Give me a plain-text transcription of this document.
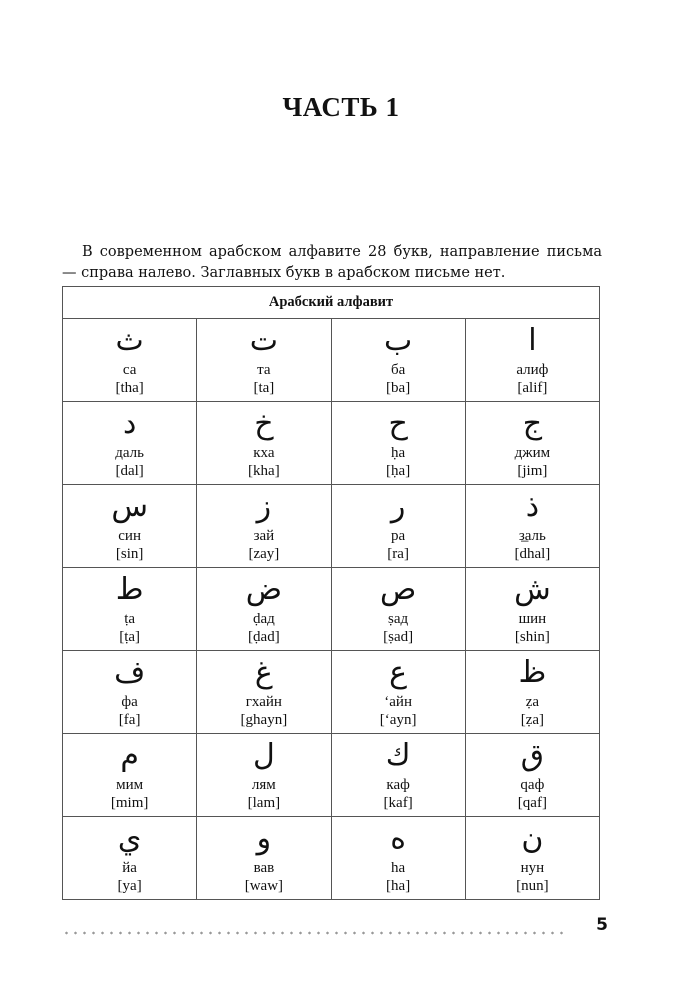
ЧАСТЬ 1

В современном арабском алфавите 28 букв, направление письма — справа налево. Заглавных букв в арабском письме нет.

Арабский алфавит			

ث
са
[tha]	ت
та
[ta]	ب
ба
[ba]	ا
алиф
[alif]

د
даль
[dal]	خ
кха
[kha]	ح
ḥа
[ḥa]	ج
джим
[jim]

س
син
[sin]	ز
зай
[zay]	ر
ра
[ra]	ذ
з̲аль
[dhal]

ط
ṭа
[ṭa]	ض
ḍад
[ḍad]	ص
ṣад
[ṣad]	ش
шин
[shin]

ف
фа
[fa]	غ
гхайн
[ghayn]	ع
‘айн
[‘ayn]	ظ
ẓа
[ẓa]

م
мим
[mim]	ل
лям
[lam]	ك
каф
[kaf]	ق
qаф
[qaf]

ي
йа
[ya]	و
вав
[waw]	ه
ha
[ha]	ن
нун
[nun]
5
